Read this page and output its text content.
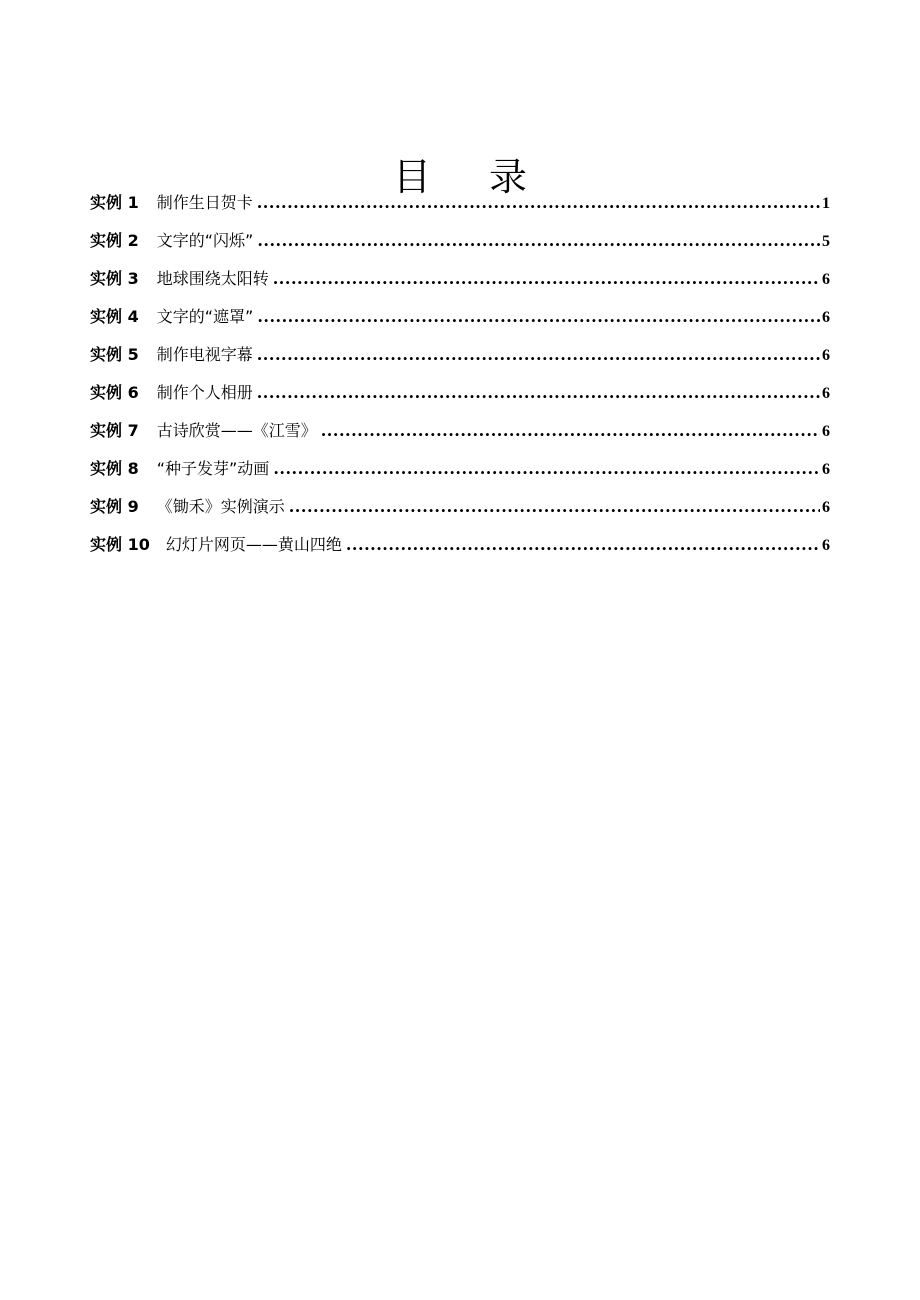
目 录
实例 1 制作生日贺卡 .....	1
实例 2 文字的“闪烁” .....	5
实例 3 地球围绕太阳转 .....	6
实例 4 文字的“遮罩” .....	6
实例 5 制作电视字幕 .....	6
实例 6 制作个人相册 .....	6
实例 7 古诗欣赏——《江雪》 .....	6
实例 8 “种子发芽”动画 .....	6
实例 9 《锄禾》实例演示 .....	6
实例 10 幻灯片网页——黄山四绝 .....	6
